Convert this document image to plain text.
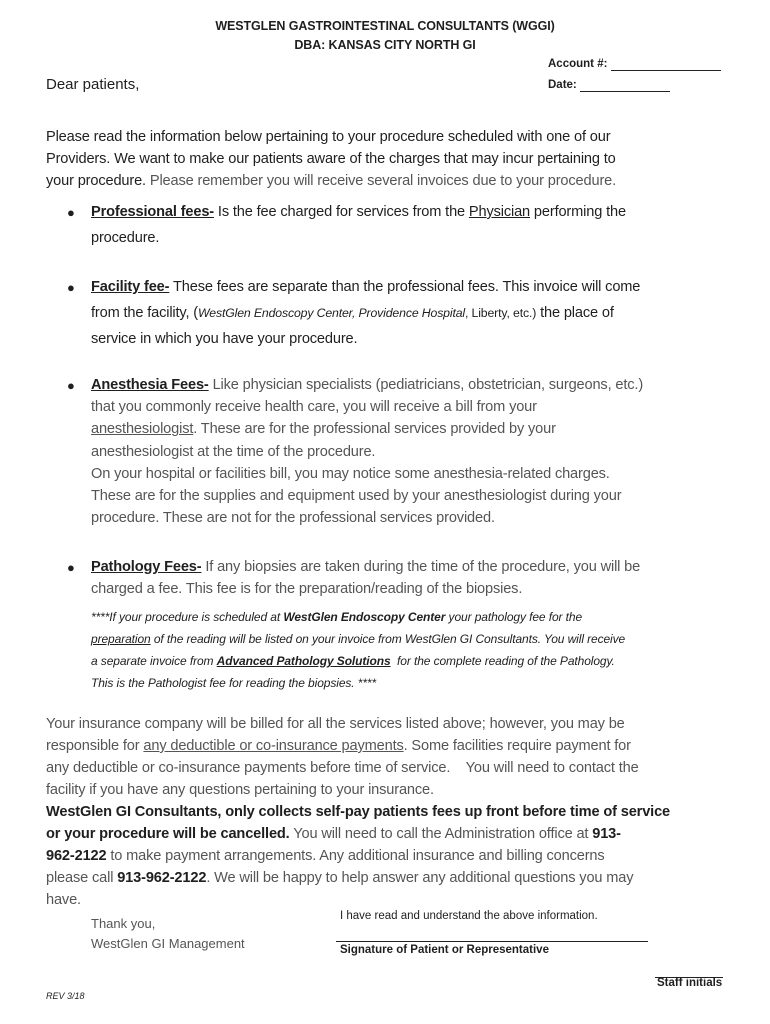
WESTGLEN GASTROINTESTINAL CONSULTANTS (WGGI)
DBA: KANSAS CITY NORTH GI
Account #:
Date:
Dear patients,
Please read the information below pertaining to your procedure scheduled with one of our
Providers. We want to make our patients aware of the charges that may incur pertaining to
your procedure. Please remember you will receive several invoices due to your procedure.
● Professional fees- Is the fee charged for services from the Physician performing the
procedure.
● Facility fee- These fees are separate than the professional fees. This invoice will come
from the facility, (WestGlen Endoscopy Center, Providence Hospital, Liberty, etc.) the place of
service in which you have your procedure.
● Anesthesia Fees- Like physician specialists (pediatricians, obstetrician, surgeons, etc.)
that you commonly receive health care, you will receive a bill from your
anesthesiologist. These are for the professional services provided by your
anesthesiologist at the time of the procedure.
On your hospital or facilities bill, you may notice some anesthesia-related charges.
These are for the supplies and equipment used by your anesthesiologist during your
procedure. These are not for the professional services provided.
● Pathology Fees- If any biopsies are taken during the time of the procedure, you will be
charged a fee. This fee is for the preparation/reading of the biopsies.
****If your procedure is scheduled at WestGlen Endoscopy Center your pathology fee for the
preparation of the reading will be listed on your invoice from WestGlen GI Consultants. You will receive
a separate invoice from Advanced Pathology Solutions for the complete reading of the Pathology.
This is the Pathologist fee for reading the biopsies. ****
Your insurance company will be billed for all the services listed above; however, you may be
responsible for any deductible or co-insurance payments. Some facilities require payment for
any deductible or co-insurance payments before time of service.    You will need to contact the
facility if you have any questions pertaining to your insurance.
WestGlen GI Consultants, only collects self-pay patients fees up front before time of service
or your procedure will be cancelled. You will need to call the Administration office at 913-
962-2122 to make payment arrangements. Any additional insurance and billing concerns
please call 913-962-2122. We will be happy to help answer any additional questions you may
have.
Thank you,
WestGlen GI Management
I have read and understand the above information.
Signature of Patient or Representative
Staff initials
REV 3/18
